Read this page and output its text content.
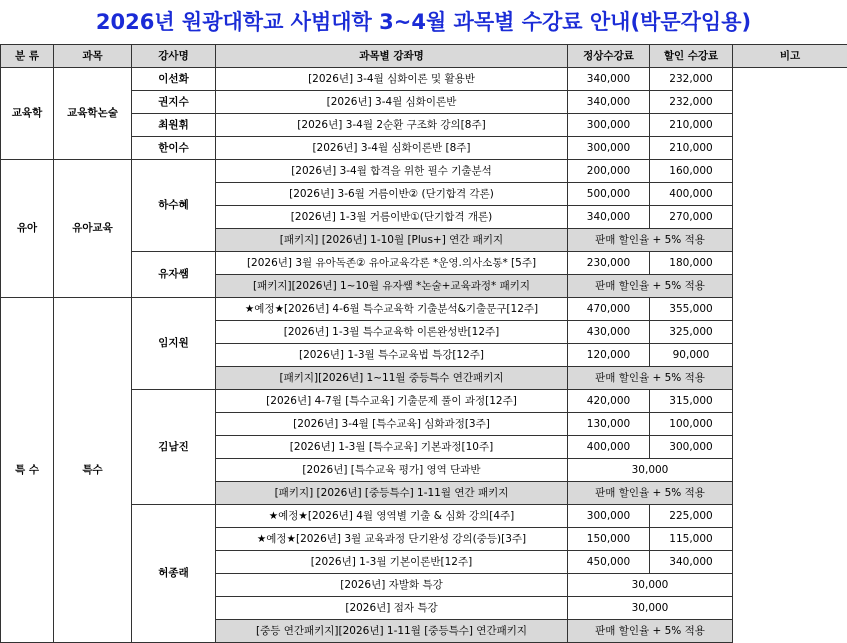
2026년 원광대학교 사범대학 3~4월 과목별 수강료 안내(박문각임용)
분 류	과목	강사명	과목별 강좌명	정상수강료	할인 수강료	비고
교육학	교육학논술	이선화	[2026년] 3-4월 심화이론 및 활용반	340,000	232,000	
		권지수	[2026년] 3-4월 심화이론반	340,000	232,000	
		최원휘	[2026년] 3-4월 2순환 구조화 강의[8주]	300,000	210,000	
		한이수	[2026년] 3-4월 심화이론반 [8주]	300,000	210,000	
유아	유아교육	하수혜	[2026년] 3-4월 합격을 위한 필수 기출분석	200,000	160,000	
			[2026년] 3-6월 거름이반② (단기합격 각론)	500,000	400,000	
			[2026년] 1-3월 거름이반①(단기합격 개론)	340,000	270,000	
			[패키지] [2026년] 1-10월 [Plus+] 연간 패키지	판매 할인율 + 5% 적용		
		유자쌤	[2026년] 3월 유아독존② 유아교육각론 *운영.의사소통* [5주]	230,000	180,000	
			[패키지][2026년] 1~10월 유자쌤 *논술+교육과정* 패키지	판매 할인율 + 5% 적용		
특 수	특수	임지원	★예정★[2026년] 4-6월 특수교육학 기출분석&기출문구[12주]	470,000	355,000	
			[2026년] 1-3월 특수교육학 이론완성반[12주]	430,000	325,000	
			[2026년] 1-3월 특수교육법 특강[12주]	120,000	90,000	
			[패키지][2026년] 1~11월 중등특수 연간패키지	판매 할인율 + 5% 적용		
		김남진	[2026년] 4-7월 [특수교육] 기출문제 풀이 과정[12주]	420,000	315,000	
			[2026년] 3-4월 [특수교육] 심화과정[3주]	130,000	100,000	
			[2026년] 1-3월 [특수교육] 기본과정[10주]	400,000	300,000	
			[2026년] [특수교육 평가] 영역 단과반	30,000		
			[패키지] [2026년] [중등특수] 1-11월 연간 패키지	판매 할인율 + 5% 적용		
		허종래	★예정★[2026년] 4월 영역별 기출 & 심화 강의[4주]	300,000	225,000	
			★예정★[2026년] 3월 교육과정 단기완성 강의(중등)[3주]	150,000	115,000	
			[2026년] 1-3월 기본이론반[12주]	450,000	340,000	
			[2026년] 자발화 특강	30,000		
			[2026년] 점자 특강	30,000		
			[중등 연간패키지][2026년] 1-11월 [중등특수] 연간패키지	판매 할인율 + 5% 적용		
